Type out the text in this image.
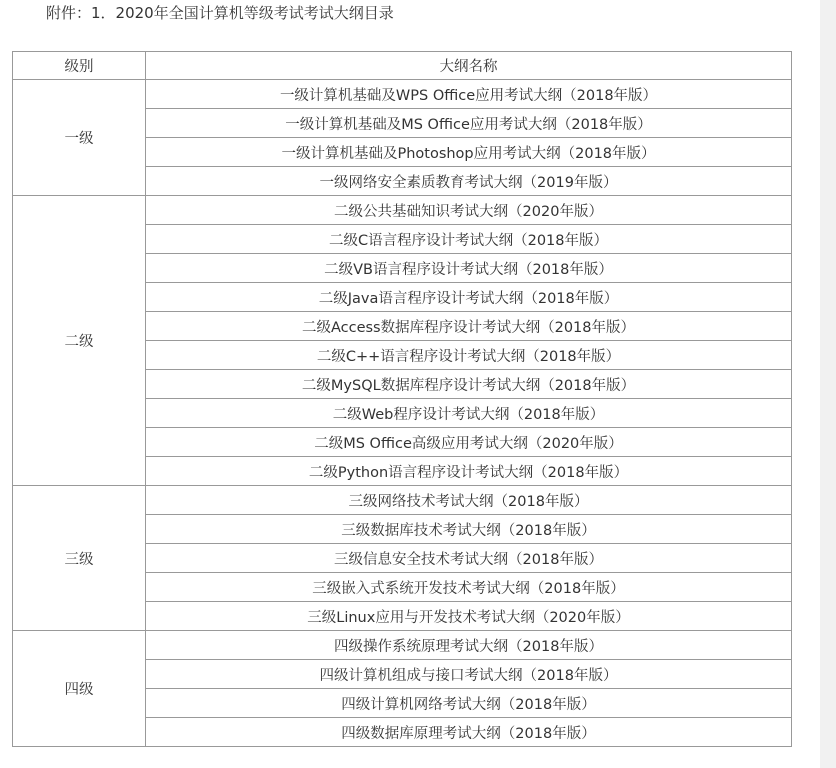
附件：1．2020年全国计算机等级考试考试大纲目录
级别	大纲名称
一级	一级计算机基础及WPS Office应用考试大纲（2018年版）
	一级计算机基础及MS Office应用考试大纲（2018年版）
	一级计算机基础及Photoshop应用考试大纲（2018年版）
	一级网络安全素质教育考试大纲（2019年版）
二级	二级公共基础知识考试大纲（2020年版）
	二级C语言程序设计考试大纲（2018年版）
	二级VB语言程序设计考试大纲（2018年版）
	二级Java语言程序设计考试大纲（2018年版）
	二级Access数据库程序设计考试大纲（2018年版）
	二级C++语言程序设计考试大纲（2018年版）
	二级MySQL数据库程序设计考试大纲（2018年版）
	二级Web程序设计考试大纲（2018年版）
	二级MS Office高级应用考试大纲（2020年版）
	二级Python语言程序设计考试大纲（2018年版）
三级	三级网络技术考试大纲（2018年版）
	三级数据库技术考试大纲（2018年版）
	三级信息安全技术考试大纲（2018年版）
	三级嵌入式系统开发技术考试大纲（2018年版）
	三级Linux应用与开发技术考试大纲（2020年版）
四级	四级操作系统原理考试大纲（2018年版）
	四级计算机组成与接口考试大纲（2018年版）
	四级计算机网络考试大纲（2018年版）
	四级数据库原理考试大纲（2018年版）
